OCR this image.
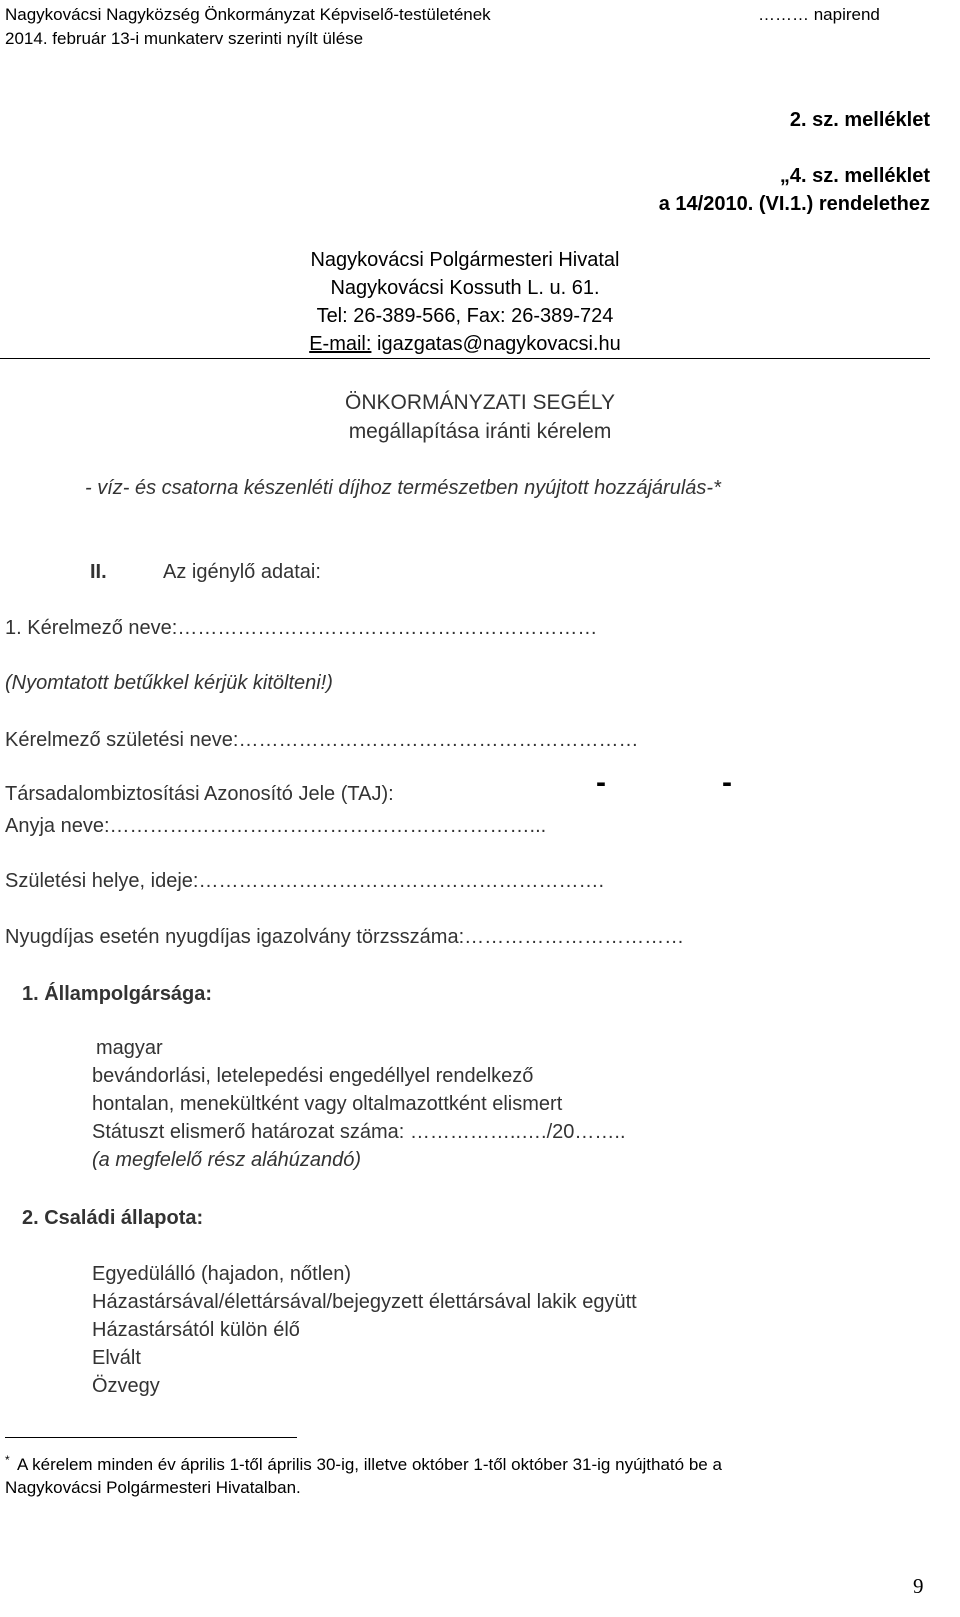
Nagykovácsi Nagyközség Önkormányzat Képviselő-testületének
2014. február 13-i munkaterv szerinti nyílt ülése
……… napirend
2. sz. melléklet
„4. sz. melléklet
a 14/2010. (VI.1.) rendelethez
Nagykovácsi Polgármesteri Hivatal
Nagykovácsi Kossuth L. u. 61.
Tel: 26-389-566, Fax: 26-389-724
E-mail: igazgatas@nagykovacsi.hu
ÖNKORMÁNYZATI SEGÉLY
megállapítása iránti kérelem
- víz- és csatorna készenléti díjhoz természetben nyújtott hozzájárulás-*
II.	Az igénylő adatai:
1. Kérelmező neve:………………………………………………………
(Nyomtatott betűkkel kérjük kitölteni!)
Kérelmező születési neve:……………………………………………………
Társadalombiztosítási Azonosító Jele (TAJ):	-	-
Anyja neve:………………………………………………………...
Születési helye, ideje:…………………………………………………….
Nyugdíjas esetén nyugdíjas igazolvány törzsszáma:……………………………
1. Állampolgársága:
magyar
bevándorlási, letelepedési engedéllyel rendelkező
hontalan, menekültként vagy oltalmazottként elismert
Státuszt elismerő határozat száma: ……………..…./20……..
(a megfelelő rész aláhúzandó)
2. Családi állapota:
Egyedülálló (hajadon, nőtlen)
Házastársával/élettársával/bejegyzett élettársával lakik együtt
Házastársától külön élő
Elvált
Özvegy
* A kérelem minden év április 1-től április 30-ig, illetve október 1-től október 31-ig nyújtható be a
Nagykovácsi Polgármesteri Hivatalban.
9
